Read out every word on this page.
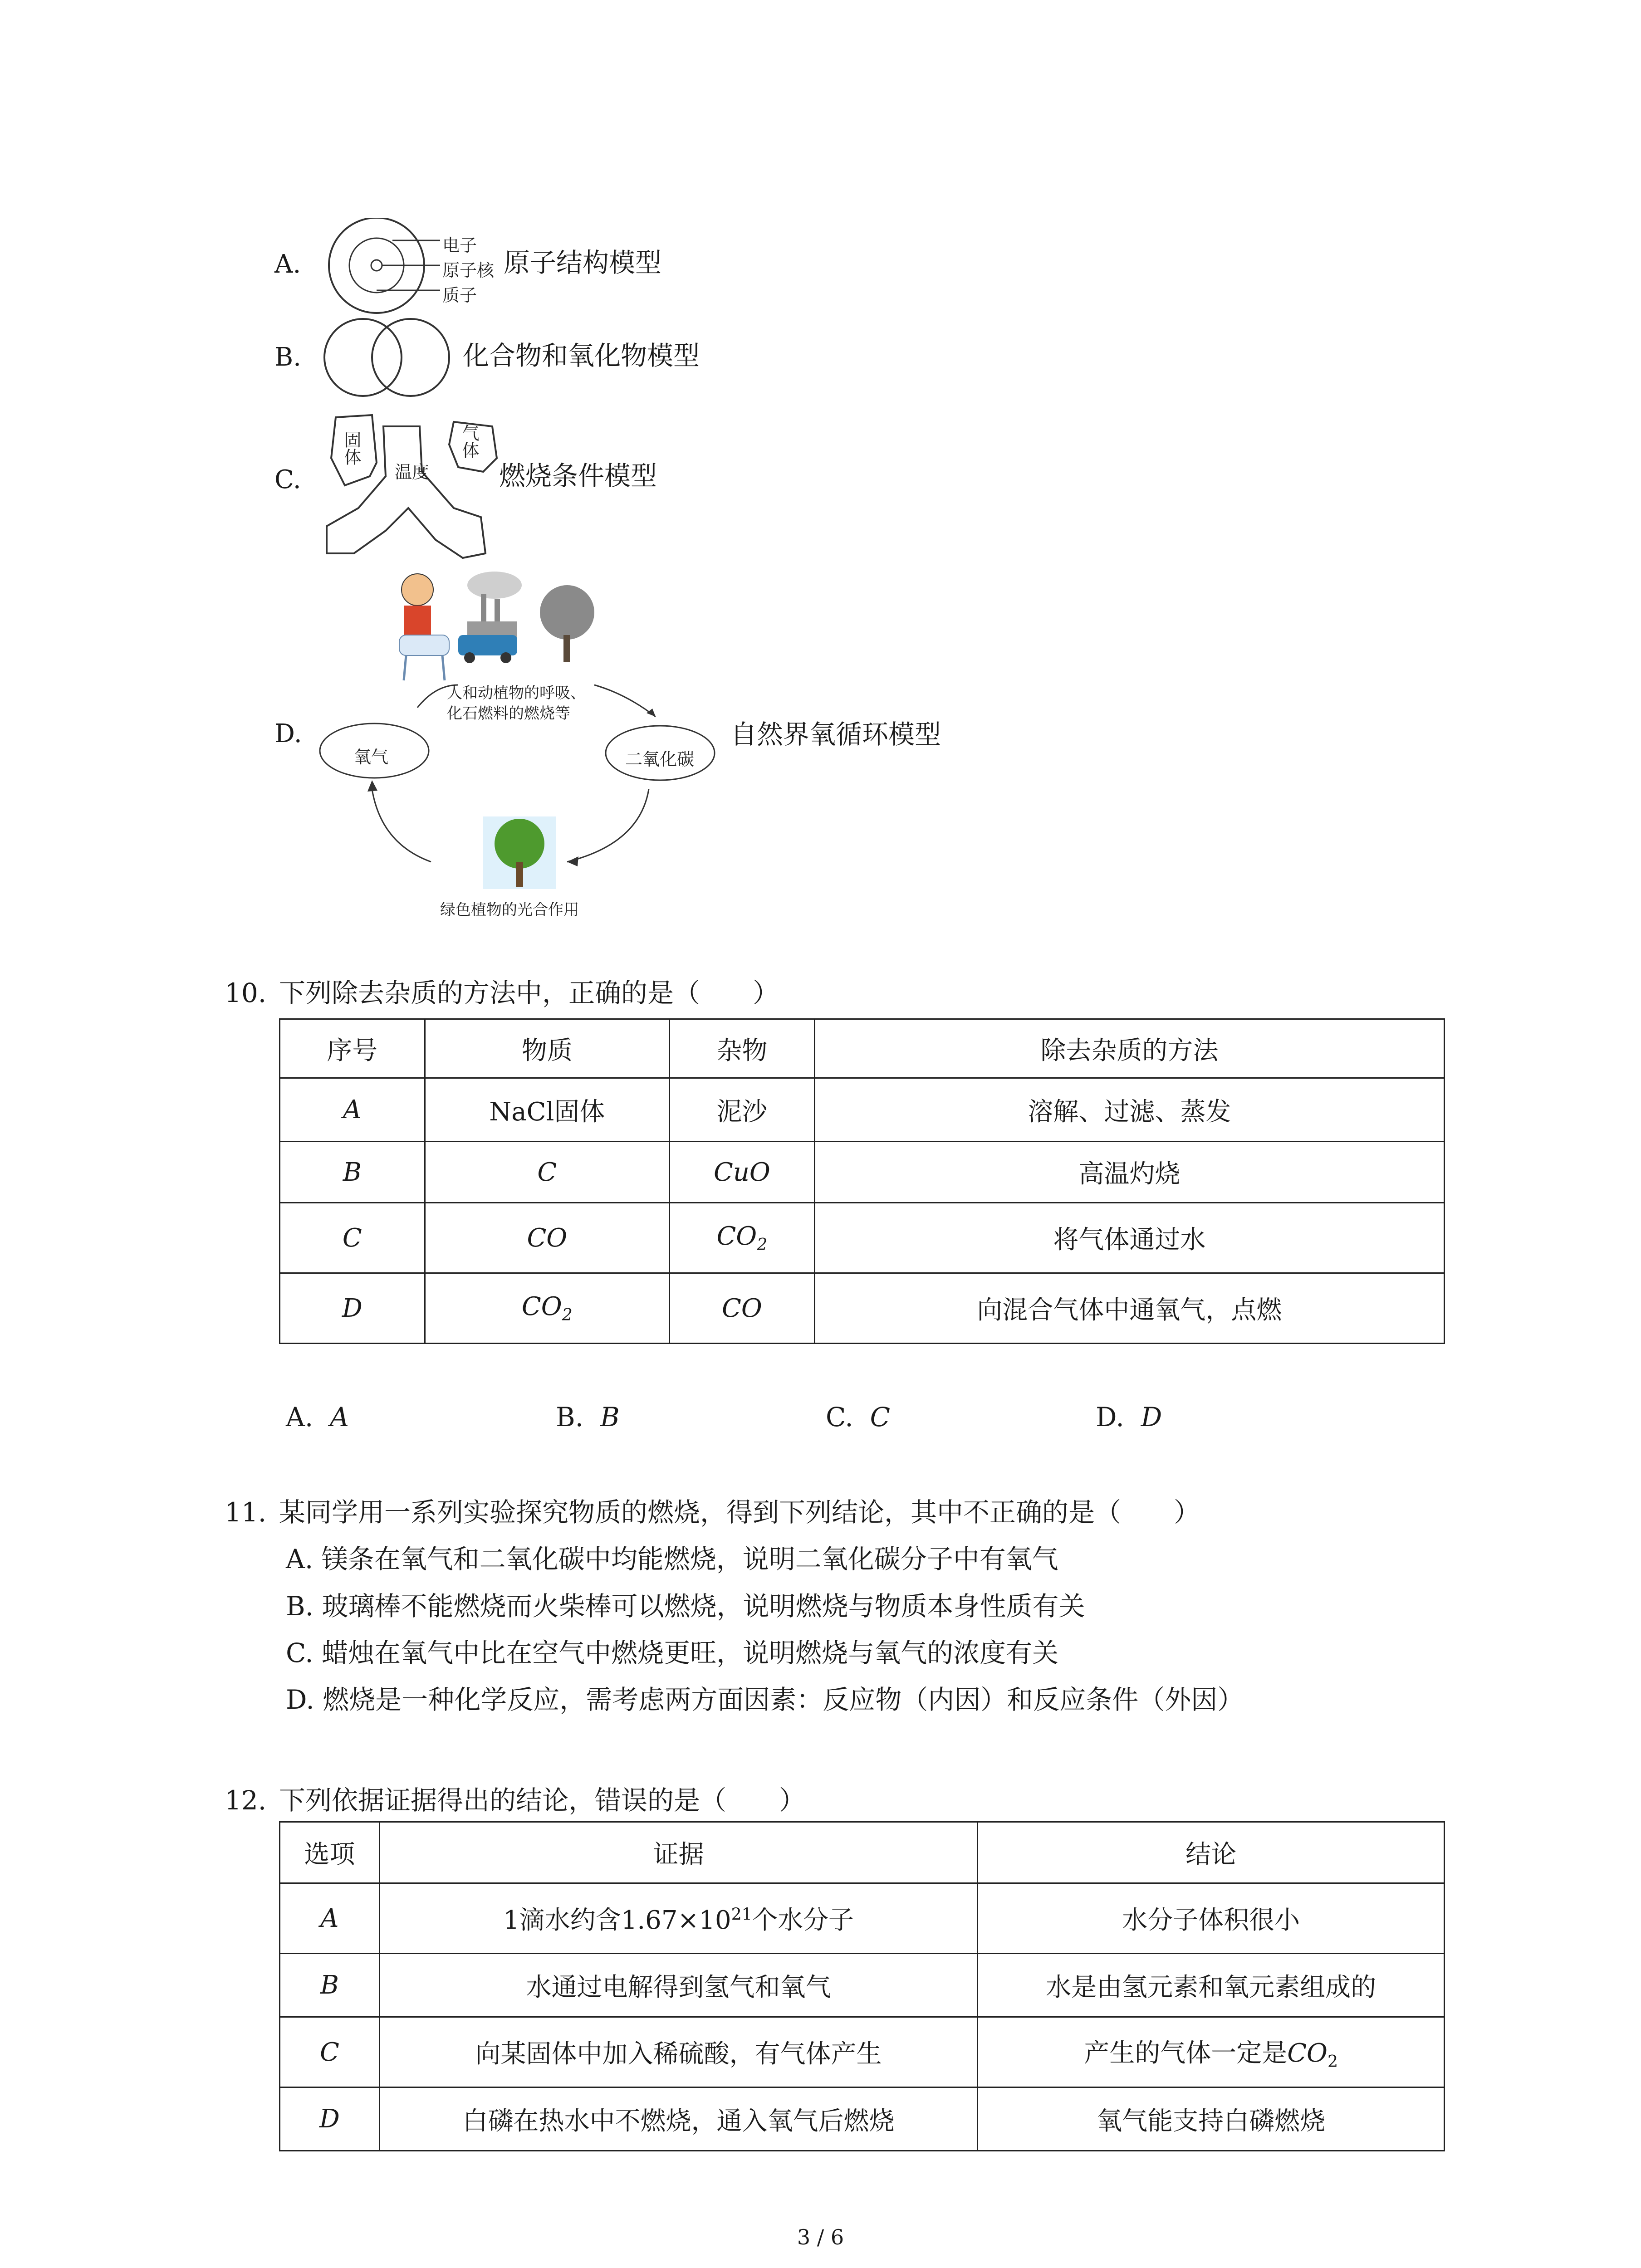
A.
电子
原子核
质子
原子结构模型
B.	化合物和氧化物模型
C.
固体
温度
气体
燃烧条件模型
D.
氧气	二氧化碳
人和动植物的呼吸、
化石燃料的燃烧等
绿色植物的光合作用
自然界氧循环模型
10. 下列除去杂质的方法中，正确的是（　　）
序号	物质	杂物	除去杂质的方法
A	NaCl固体	泥沙	溶解、过滤、蒸发
B	C	CuO	高温灼烧
C	CO	$CO_2$	将气体通过水
D	$CO_2$	CO	向混合气体中通氧气，点燃
A. A	B. B	C. C	D. D
11. 某同学用一系列实验探究物质的燃烧，得到下列结论，其中不正确的是（　　）
A. 镁条在氧气和二氧化碳中均能燃烧，说明二氧化碳分子中有氧气
B. 玻璃棒不能燃烧而火柴棒可以燃烧，说明燃烧与物质本身性质有关
C. 蜡烛在氧气中比在空气中燃烧更旺，说明燃烧与氧气的浓度有关
D. 燃烧是一种化学反应，需考虑两方面因素：反应物（内因）和反应条件（外因）
12. 下列依据证据得出的结论，错误的是（　　）
选项	证据	结论
A	1滴水约含$1.67\times 10^{21}$个水分子	水分子体积很小
B	水通过电解得到氢气和氧气	水是由氢元素和氧元素组成的
C	向某固体中加入稀硫酸，有气体产生	产生的气体一定是$CO_2$
D	白磷在热水中不燃烧，通入氧气后燃烧	氧气能支持白磷燃烧
3 / 6
